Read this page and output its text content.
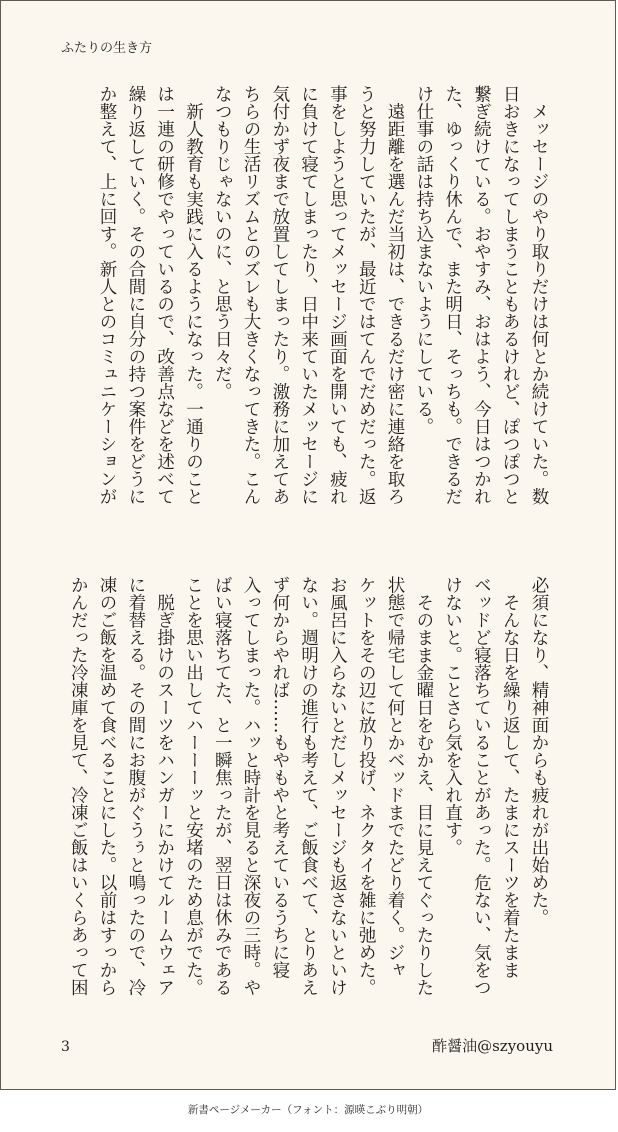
ふたりの生き方

　メッセージのやり取りだけは何とか続けていた。数

日おきになってしまうこともあるけれど、ぽつぽつと

繋ぎ続けている。おやすみ、おはよう、今日はつかれ

た、ゆっくり休んで、また明日、そっちも。できるだ

け仕事の話は持ち込まないようにしている。

　遠距離を選んだ当初は、できるだけ密に連絡を取ろ

うと努力していたが、最近ではてんでだめだった。返

事をしようと思ってメッセージ画面を開いても、疲れ

に負けて寝てしまったり、日中来ていたメッセージに

気付かず夜まで放置してしまったり。激務に加えてあ

ちらの生活リズムとのズレも大きくなってきた。こん

なつもりじゃないのに、と思う日々だ。

　新人教育も実践に入るようになった。一通りのこと

は一連の研修でやっているので、改善点などを述べて

繰り返していく。その合間に自分の持つ案件をどうに

か整えて、上に回す。新人とのコミュニケーションが

必須になり、精神面からも疲れが出始めた。

　そんな日を繰り返して、たまにスーツを着たまま

ベッドど寝落ちていることがあった。危ない、気をつ

けないと。ことさら気を入れ直す。

　そのまま金曜日をむかえ、目に見えてぐったりした

状態で帰宅して何とかベッドまでたどり着く。ジャ

ケットをその辺に放り投げ、ネクタイを雑に弛めた。

お風呂に入らないとだしメッセージも返さないといけ

ない。週明けの進行も考えて、ご飯食べて、とりあえ

ず何からやれば……もやもやと考えているうちに寝

入ってしまった。ハッと時計を見ると深夜の三時。や

ばい寝落ちてた、と一瞬焦ったが、翌日は休みである

ことを思い出してハーーーッと安堵のため息がでた。

　脱ぎ掛けのスーツをハンガーにかけてルームウェア

に着替える。その間にお腹がぐうぅと鳴ったので、冷

凍のご飯を温めて食べることにした。以前はすっから

かんだった冷凍庫を見て、冷凍ご飯はいくらあって困

3	酢醤油@szyouyu
新書ページメーカー（フォント：源暎こぶり明朝）
